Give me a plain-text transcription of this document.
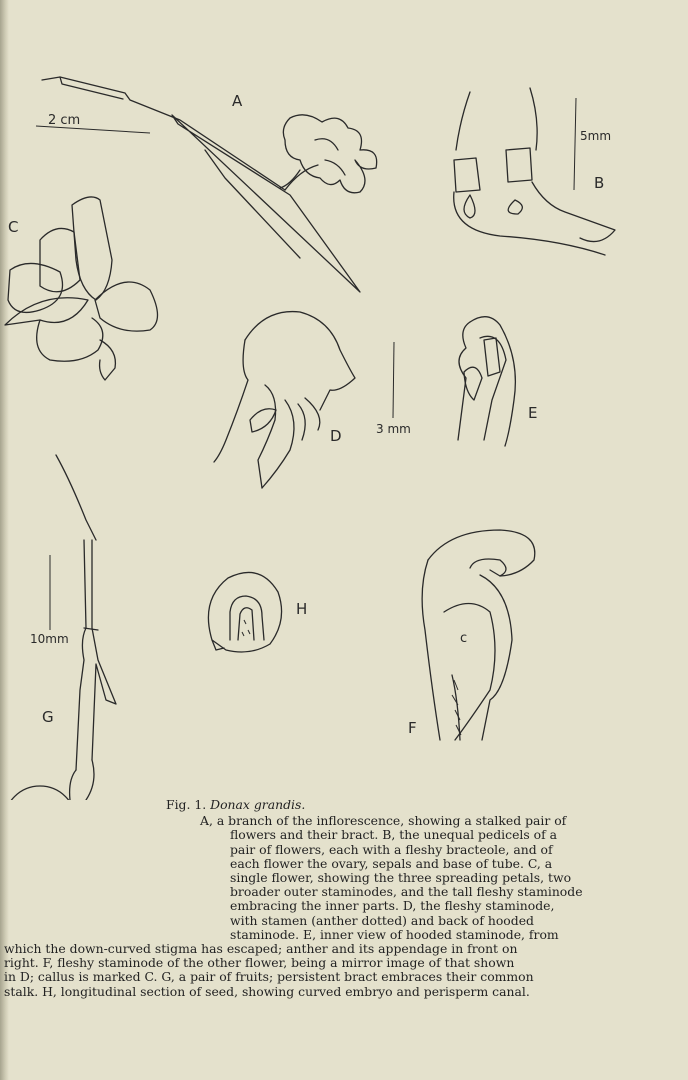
A
2 cm
5mm
B
C
D	3 mm
E
c
F
10mm
G
H
Fig. 1. Donax grandis.
A, a branch of the inflorescence, showing a stalked pair of
flowers and their bract. B, the unequal pedicels of a
pair of flowers, each with a fleshy bracteole, and of
each flower the ovary, sepals and base of tube. C, a
single flower, showing the three spreading petals, two
broader outer staminodes, and the tall fleshy staminode
embracing the inner parts. D, the fleshy staminode,
with stamen (anther dotted) and back of hooded
staminode. E, inner view of hooded staminode, from
which the down-curved stigma has escaped; anther and its appendage in front on
right. F, fleshy staminode of the other flower, being a mirror image of that shown
in D; callus is marked C. G, a pair of fruits; persistent bract embraces their common
stalk. H, longitudinal section of seed, showing curved embryo and perisperm canal.
